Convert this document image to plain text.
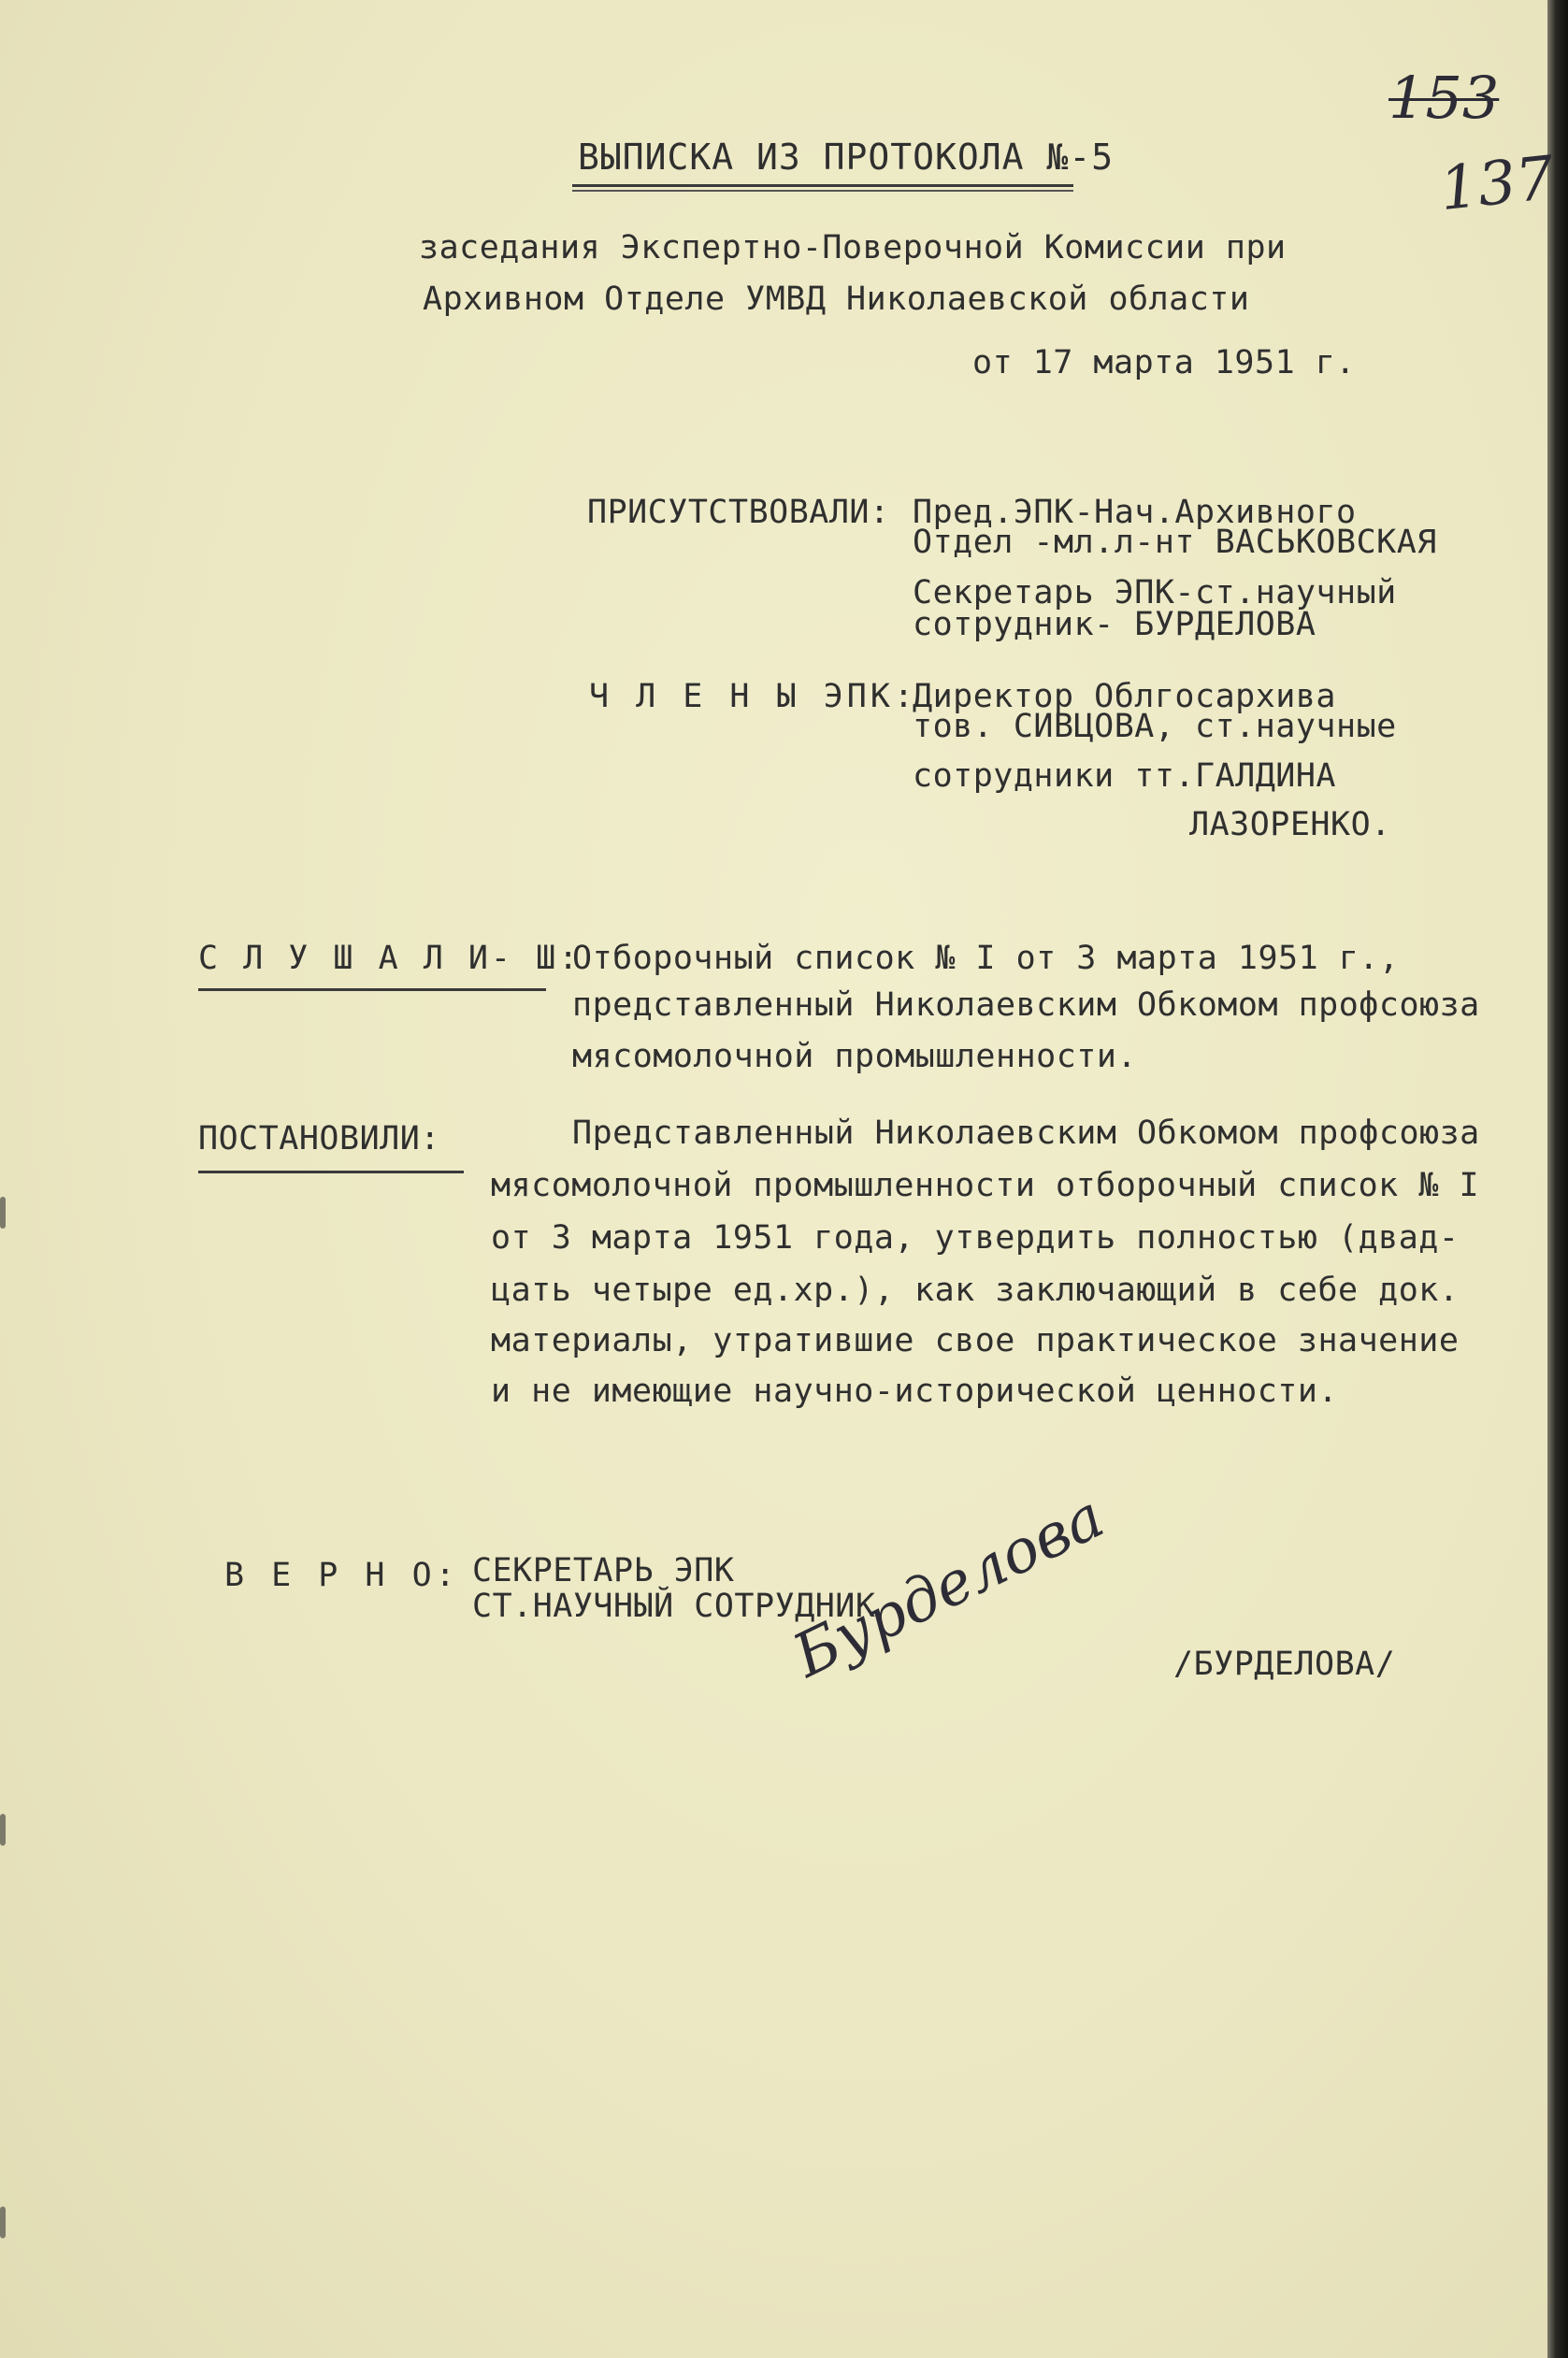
153
137
ВЫПИСКА ИЗ ПРОТОКОЛА №-5
заседания Экспертно-Поверочной Комиссии при
Архивном Отделе УМВД Николаевской области
от 17 марта 1951 г.
ПРИСУТСТВОВАЛИ: Пред.ЭПК-Нач.Архивного
Отдел -мл.л-нт ВАСЬКОВСКАЯ
Секретарь ЭПК-ст.научный
сотрудник- БУРДЕЛОВА
Ч Л Е Н Ы ЭПК:
Директор Облгосархива
тов. СИВЦОВА, ст.научные
сотрудники тт.ГАЛДИНА
ЛАЗОРЕНКО.
С Л У Ш А Л И- Ш:
Отборочный список № I от 3 марта 1951 г.,
представленный Николаевским Обкомом профсоюза
мясомолочной промышленности.
ПОСТАНОВИЛИ:	Представленный Николаевским Обкомом профсоюза
мясомолочной промышленности отборочный список № I
от 3 марта 1951 года, утвердить полностью (двад-
цать четыре ед.хр.), как заключающий в себе док.
материалы, утратившие свое практическое значение
и не имеющие научно-исторической ценности.
В Е Р Н О: СЕКРЕТАРЬ ЭПК
СТ.НАУЧНЫЙ СОТРУДНИК
Бурделова /БУРДЕЛОВА/
